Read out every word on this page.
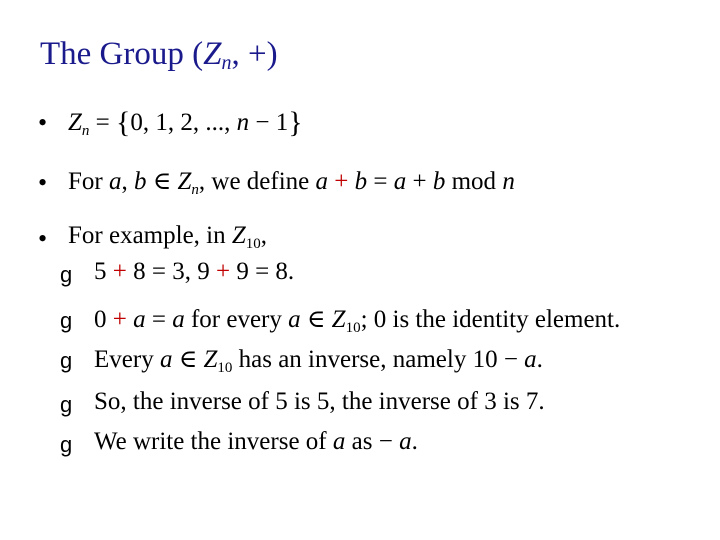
The Group ($Z_n$, +)
• $Z_n = \{0$, 1, 2, ..., n − 1}
• For a, b ∈ $Z_n$, we define a + b = a + b mod n
• For example, in $Z_{10}$,
g 5 + 8 = 3, 9 + 9 = 8.
g 0 + a = a for every a ∈ $Z_{10}$; 0 is the identity element.
g Every a ∈ $Z_{10}$ has an inverse, namely 10 − a.
g So, the inverse of 5 is 5, the inverse of 3 is 7.
g We write the inverse of a as − a.
